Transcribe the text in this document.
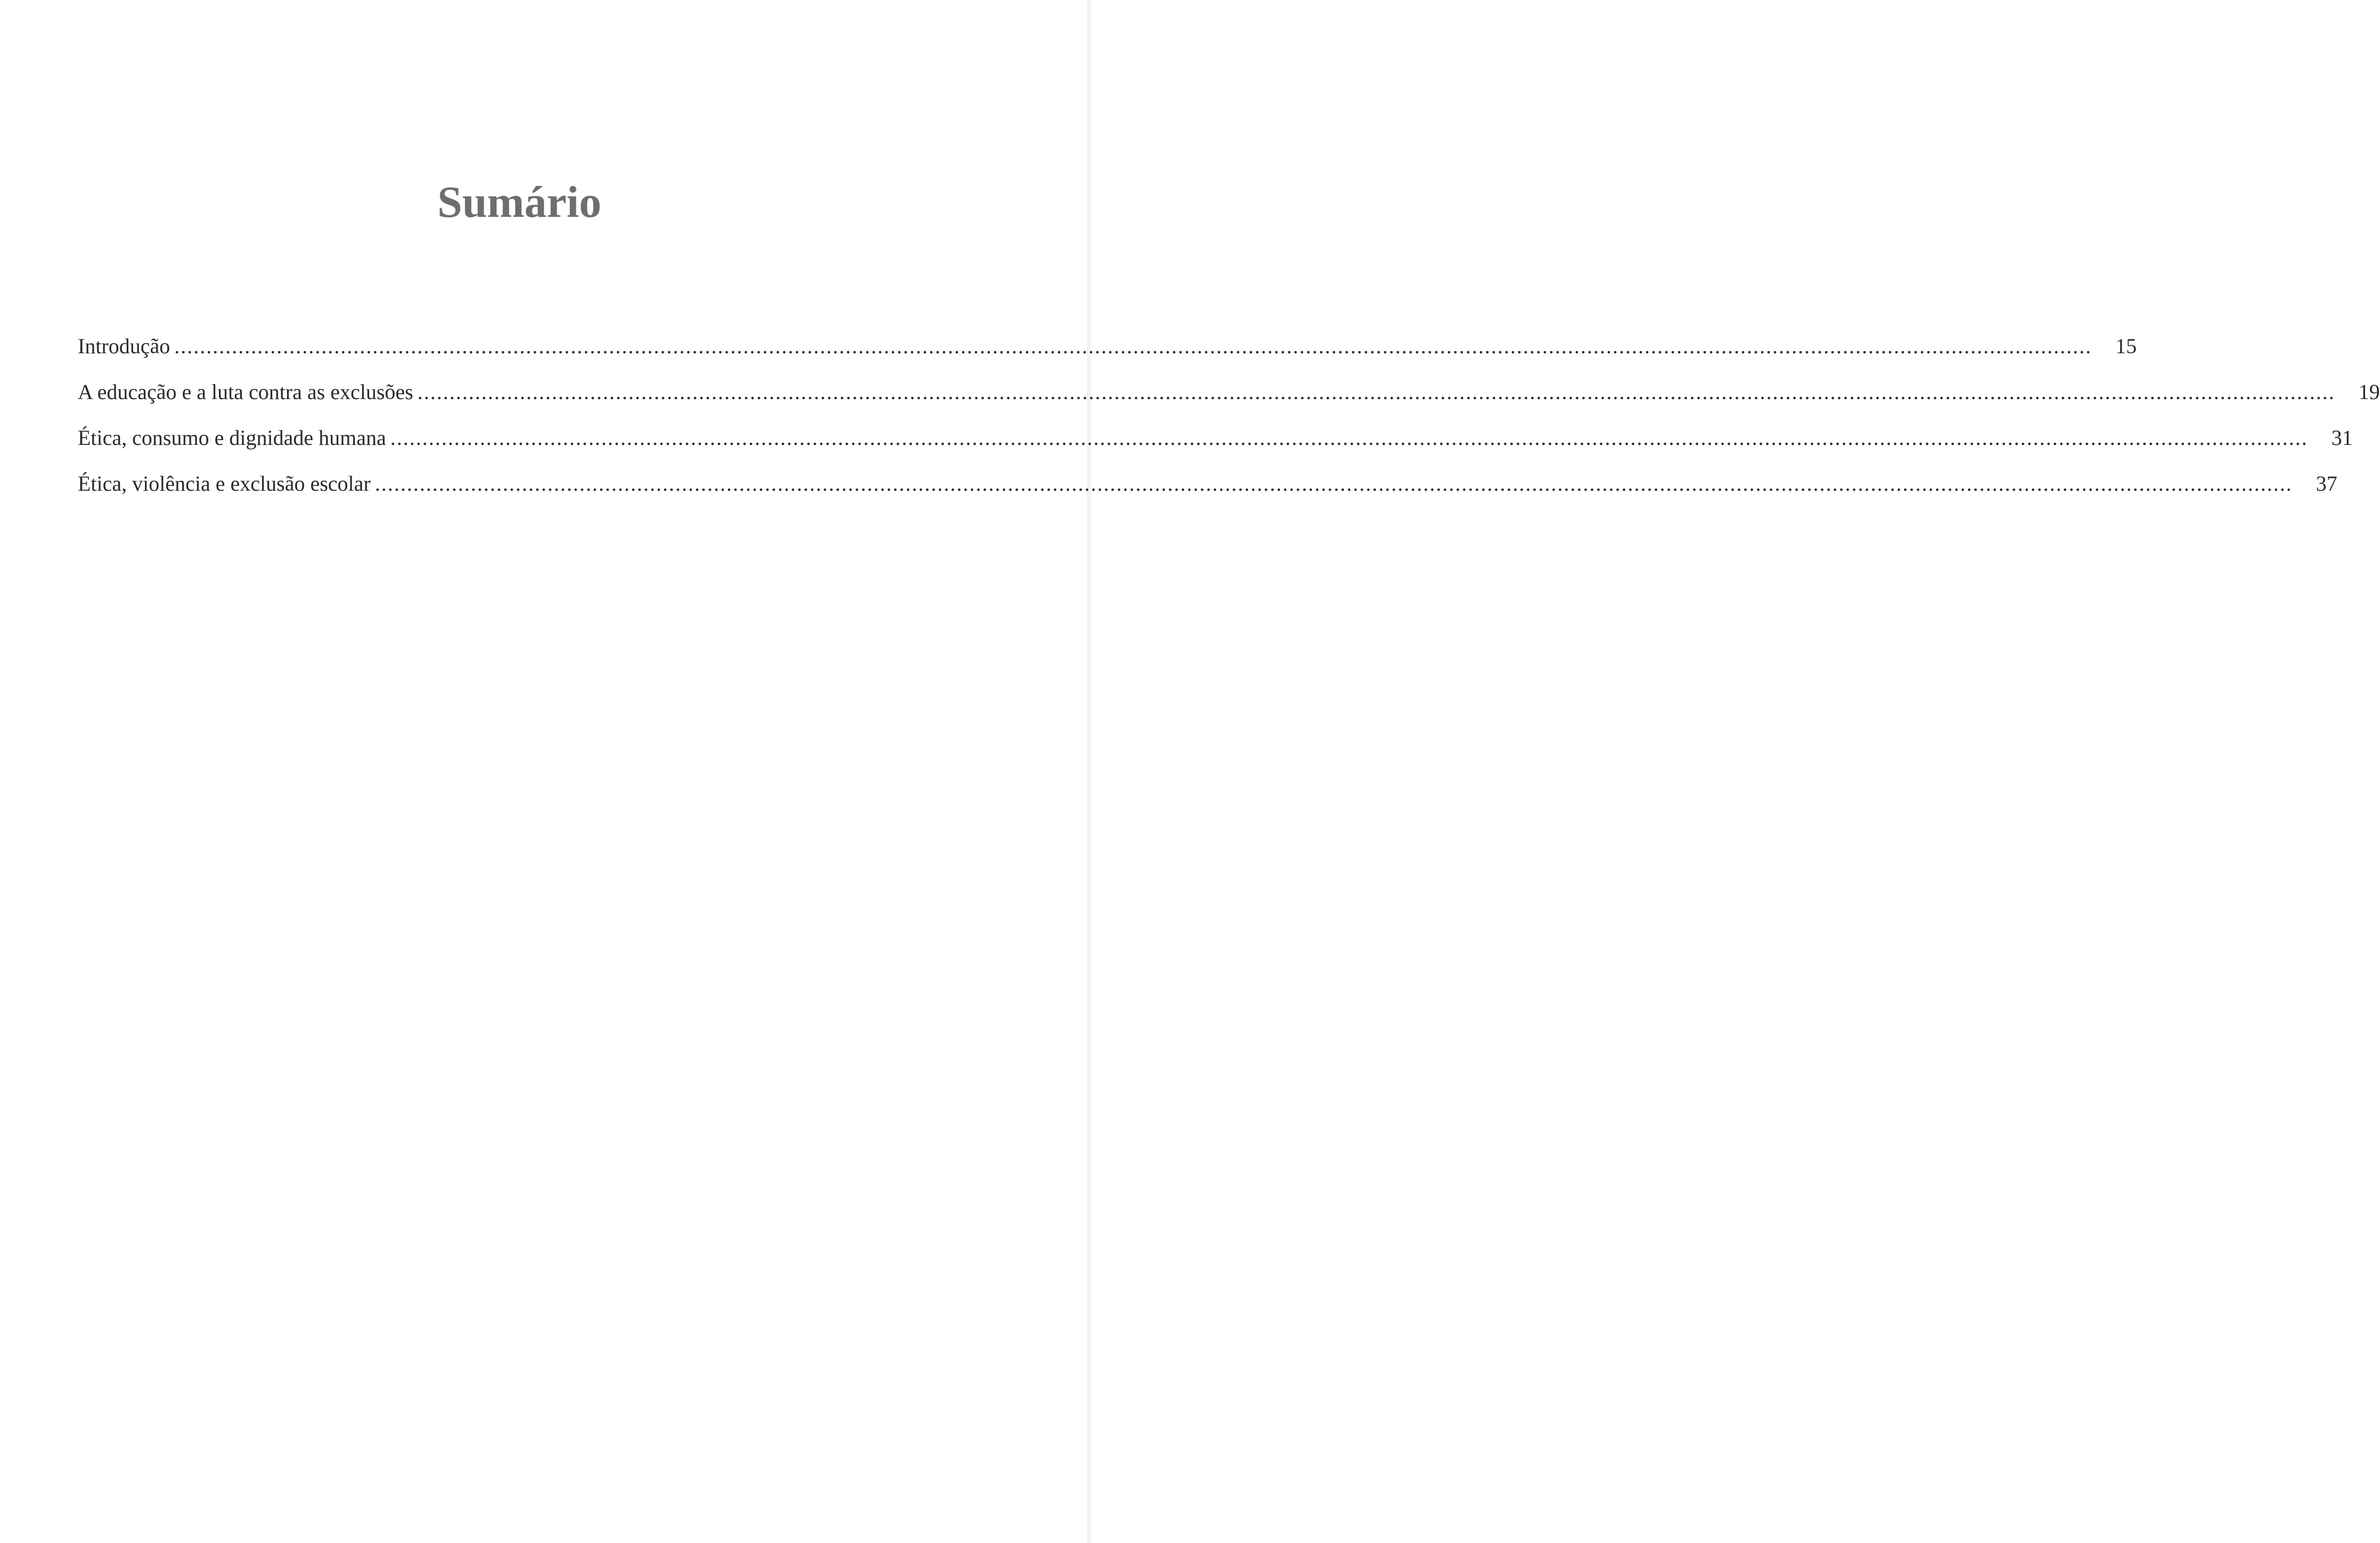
Sumário
Introdução ............................................................................................................................................................................................................................................................................................................	15
A educação e a luta contra as exclusões ............................................................................................................................................................................................................................................................................................................	19
Ética, consumo e dignidade humana ............................................................................................................................................................................................................................................................................................................	31
Ética, violência e exclusão escolar ............................................................................................................................................................................................................................................................................................................	37
